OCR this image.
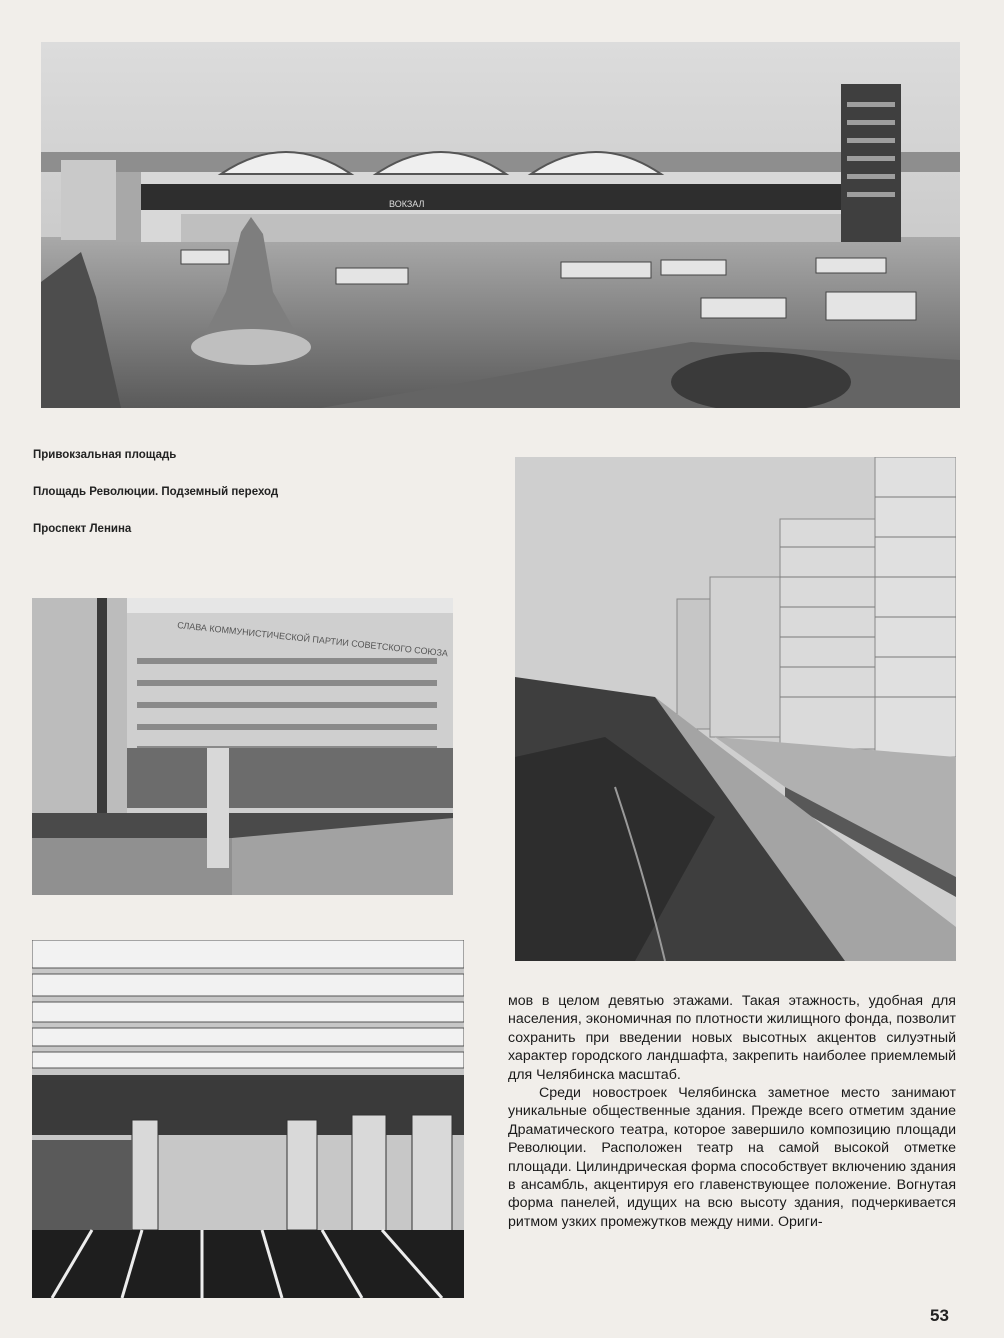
ВОКЗАЛ

Привокзальная площадь

Площадь Революции. Подземный переход

Проспект Ленина

СЛАВА КОММУНИСТИЧЕСКОЙ ПАРТИИ СОВЕТСКОГО СОЮЗА

мов в целом девятью этажами. Такая этажность, удобная для населения, экономичная по плотности жилищного фонда, позволит сохранить при введении новых высотных акцентов силуэтный характер городского ландшафта, закрепить наиболее приемлемый для Челябинска масштаб.

Среди новостроек Челябинска заметное место занимают уникальные общественные здания. Прежде всего отметим здание Драматического театра, которое завершило композицию площади Революции. Расположен театр на самой высокой отметке площади. Цилиндрическая форма способствует включению здания в ансамбль, акцентируя его главенствующее положение. Вогнутая форма панелей, идущих на всю высоту здания, подчеркивается ритмом узких промежутков между ними. Ориги-

53
